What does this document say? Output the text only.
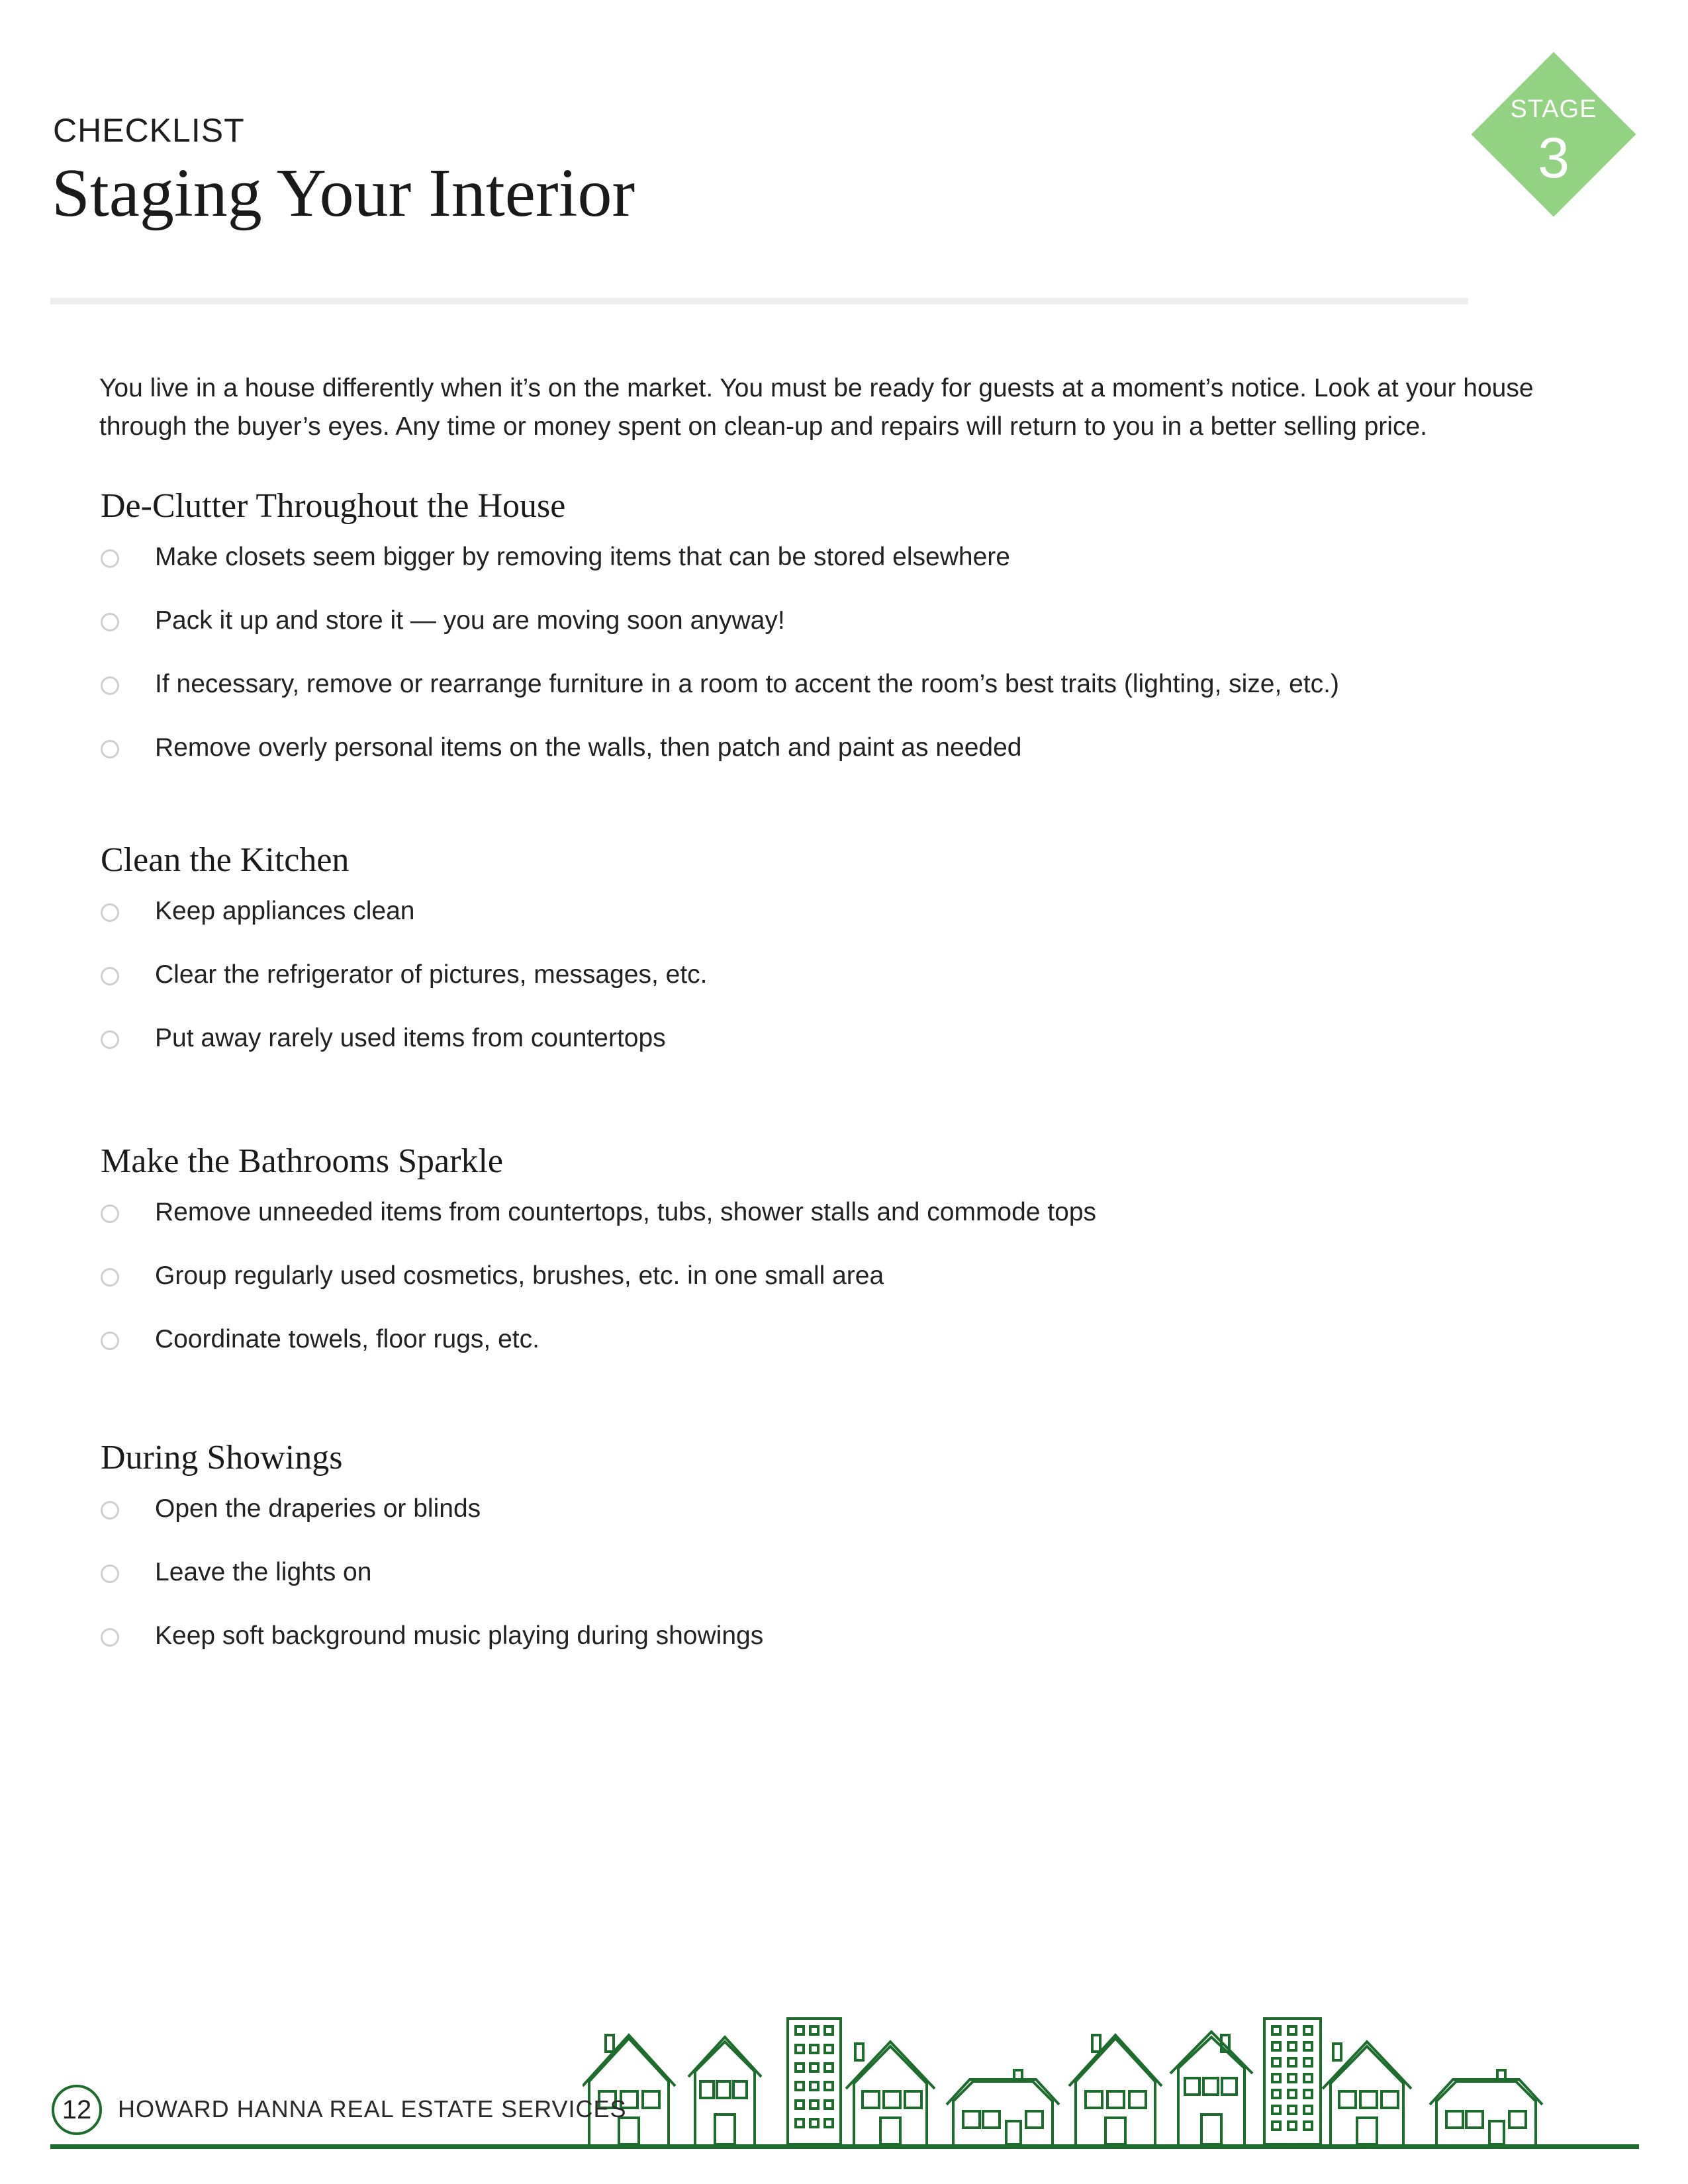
CHECKLIST
Staging Your Interior
STAGE
3

You live in a house differently when it’s on the market. You must be ready for guests at a moment’s notice. Look at your house through the buyer’s eyes. Any time or money spent on clean-up and repairs will return to you in a better selling price.

De-Clutter Throughout the House
Make closets seem bigger by removing items that can be stored elsewhere
Pack it up and store it — you are moving soon anyway!
If necessary, remove or rearrange furniture in a room to accent the room’s best traits (lighting, size, etc.)
Remove overly personal items on the walls, then patch and paint as needed
Clean the Kitchen
Keep appliances clean
Clear the refrigerator of pictures, messages, etc.
Put away rarely used items from countertops
Make the Bathrooms Sparkle
Remove unneeded items from countertops, tubs, shower stalls and commode tops
Group regularly used cosmetics, brushes, etc. in one small area
Coordinate towels, floor rugs, etc.
During Showings
Open the draperies or blinds
Leave the lights on
Keep soft background music playing during showings
12	HOWARD HANNA REAL ESTATE SERVICES
